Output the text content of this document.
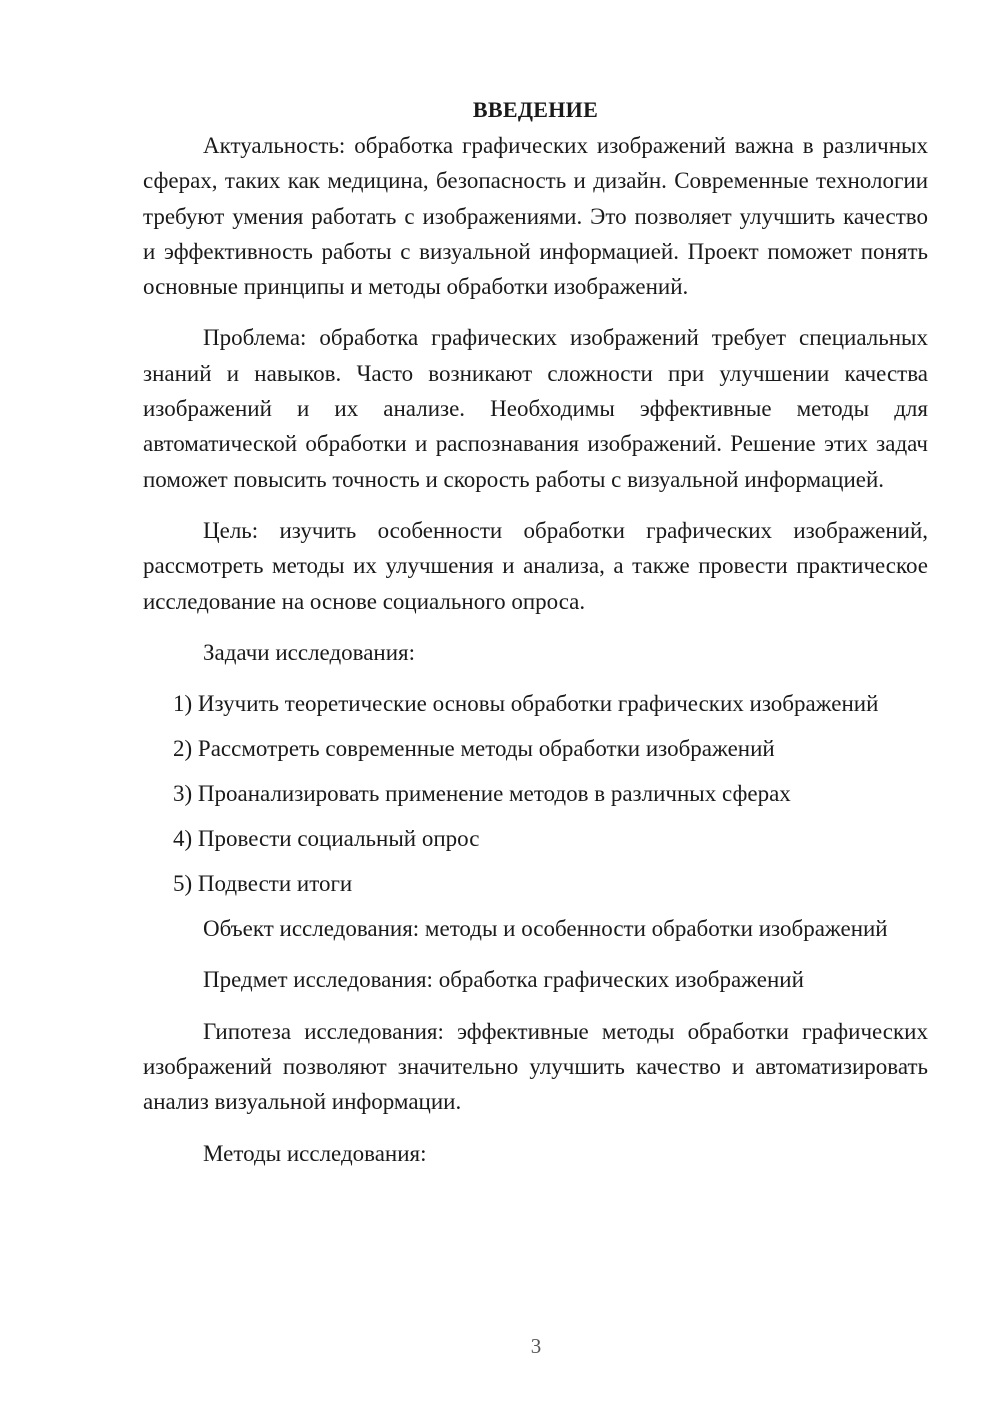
ВВЕДЕНИЕ

Актуальность: обработка графических изображений важна в различных сферах, таких как медицина, безопасность и дизайн. Современные технологии требуют умения работать с изображениями. Это позволяет улучшить качество и эффективность работы с визуальной информацией. Проект поможет понять основные принципы и методы обработки изображений.

Проблема: обработка графических изображений требует специальных знаний и навыков. Часто возникают сложности при улучшении качества изображений и их анализе. Необходимы эффективные методы для автоматической обработки и распознавания изображений. Решение этих задач поможет повысить точность и скорость работы с визуальной информацией.

Цель: изучить особенности обработки графических изображений, рассмотреть методы их улучшения и анализа, а также провести практическое исследование на основе социального опроса.

Задачи исследования:

1) Изучить теоретические основы обработки графических изображений

2) Рассмотреть современные методы обработки изображений

3) Проанализировать применение методов в различных сферах

4) Провести социальный опрос

5) Подвести итоги

Объект исследования: методы и особенности обработки изображений

Предмет исследования: обработка графических изображений

Гипотеза исследования: эффективные методы обработки графических изображений позволяют значительно улучшить качество и автоматизировать анализ визуальной информации.

Методы исследования:

3
